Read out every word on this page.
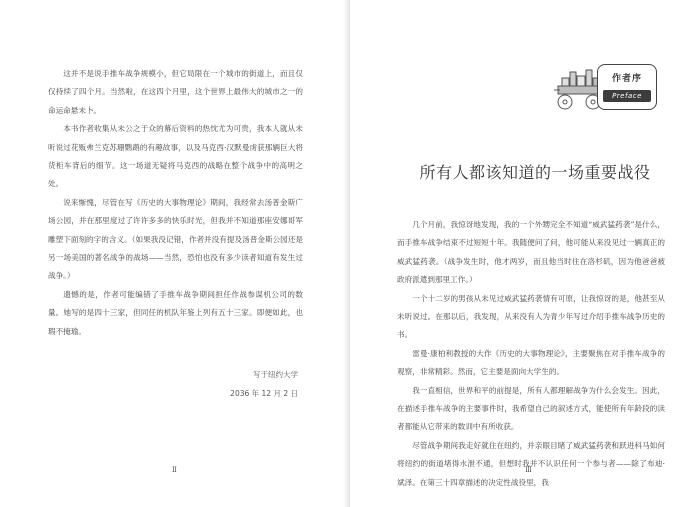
这并不是说手推车战争规模小，但它局限在一个城市的街道上，而且仅仅持续了四个月。当然啦，在这四个月里，这个世界上最伟大的城市之一的命运命悬未卜。

本书作者收集从未公之于众的幕后资料的热忱尤为可贵，我本人就从未听说过花贩弗兰克苏珊鹦鹉的有趣故事，以及马克西·汉默曼虏获那辆巨大将货柜车背后的细节。这一场道无疑将马克西的战略在整个战争中的高明之处。

说来惭愧，尽管在写《历史的大事物理论》期间，我经常去汤普金斯广场公园，并在那里度过了许许多多的快乐时光，但我并不知道那座安娜哥军雕塑下面刻的字的含义。（如果我没记错，作者并没有提及汤普金斯公园还是另一场美国的著名战争的战场——当然，恐怕也没有多少读者知道有发生过战争。）

遗憾的是，作者可能编错了手推车战争期间担任作战参谋机公司的数量。她写的是四十三家，但同任的机队年鉴上列有五十三家。即便如此，也瑕不掩瑜。

写于纽约大学
2036 年 12 月 2 日
Ⅱ
作者序
Preface
所有人都该知道的一场重要战役

几个月前，我惊讶地发现，我的一个外甥完全不知道“威武猛药袭”是什么，而手推车战争结束不过短短十年。我随便问了问，他可能从来没见过一辆真正的威武猛药袭。（战争发生时，他才两岁，而且他当时住在洛杉矶，因为他爸爸被政府派遣到那里工作。）

一个十二岁的男孩从未见过威武猛药袭情有可原，让我惊讶的是，他甚至从未听说过。在那以后，我发现，从来没有人为青少年写过介绍手推车战争历史的书。

雷曼·康柏利教授的大作《历史的大事物理论》，主要聚焦在对手推车战争的观察，非常精彩。然而，它主要是面向大学生的。

我一直相信，世界和平的前提是，所有人都理解战争为什么会发生。因此，在描述手推车战争的主要事件时，我希望自己的叙述方式，能使所有年龄段的读者都能从它带来的数训中有所收获。

尽管战争期间我走好就住在纽约，并亲眼目睹了威武猛药袭和跃进科马如何将纽约的街道堵得水泄不通，但想时我并不认识任何一个参与者——除了布迪·斌泽。在第三十四章描述的决定性战役里，我

Ⅲ
